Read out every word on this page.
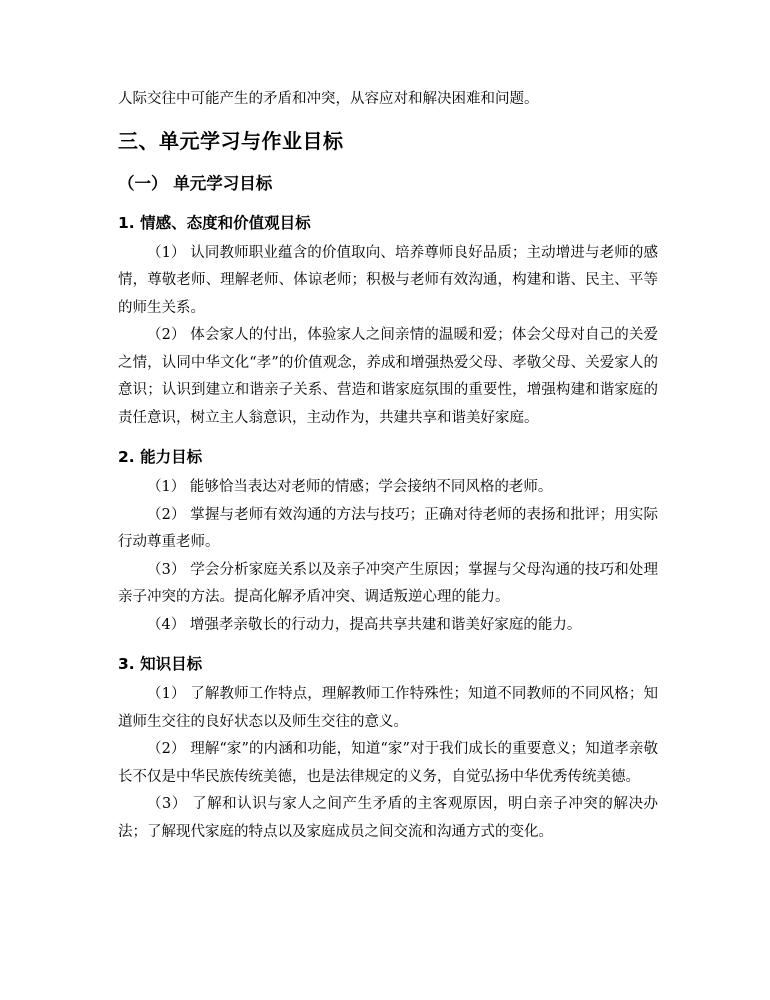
人际交往中可能产生的矛盾和冲突，从容应对和解决困难和问题。

三、单元学习与作业目标
（一） 单元学习目标
1. 情感、态度和价值观目标

（1） 认同教师职业蕴含的价值取向、培养尊师良好品质；主动增进与老师的感情，尊敬老师、理解老师、体谅老师；积极与老师有效沟通，构建和谐、民主、平等的师生关系。

（2） 体会家人的付出，体验家人之间亲情的温暖和爱；体会父母对自己的关爱之情，认同中华文化“孝”的价值观念，养成和增强热爱父母、孝敬父母、关爱家人的意识；认识到建立和谐亲子关系、营造和谐家庭氛围的重要性，增强构建和谐家庭的责任意识，树立主人翁意识，主动作为，共建共享和谐美好家庭。

2. 能力目标

（1） 能够恰当表达对老师的情感；学会接纳不同风格的老师。

（2） 掌握与老师有效沟通的方法与技巧；正确对待老师的表扬和批评；用实际行动尊重老师。

（3） 学会分析家庭关系以及亲子冲突产生原因；掌握与父母沟通的技巧和处理亲子冲突的方法。提高化解矛盾冲突、调适叛逆心理的能力。

（4） 增强孝亲敬长的行动力，提高共享共建和谐美好家庭的能力。

3. 知识目标

（1） 了解教师工作特点，理解教师工作特殊性；知道不同教师的不同风格；知道师生交往的良好状态以及师生交往的意义。

（2） 理解“家”的内涵和功能，知道“家”对于我们成长的重要意义；知道孝亲敬长不仅是中华民族传统美德，也是法律规定的义务，自觉弘扬中华优秀传统美德。

（3） 了解和认识与家人之间产生矛盾的主客观原因，明白亲子冲突的解决办法；了解现代家庭的特点以及家庭成员之间交流和沟通方式的变化。
